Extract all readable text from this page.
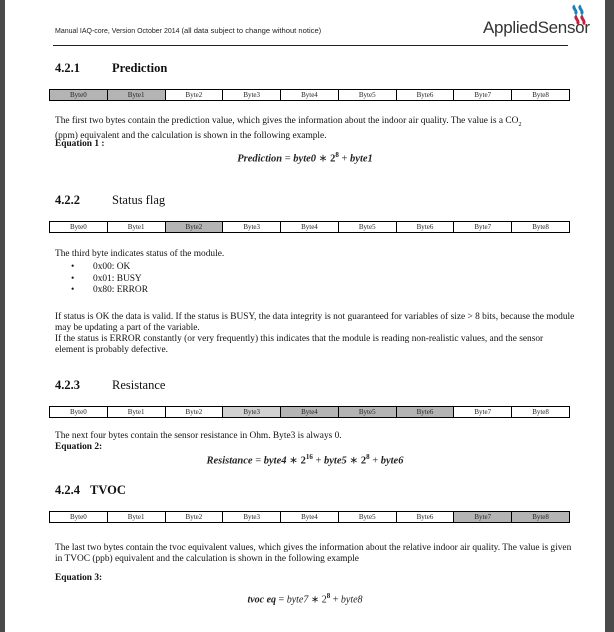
Manual IAQ-core, Version October 2014 (all data subject to change without notice)	AppliedSensor
4.2.1	Prediction
Byte0	Byte1	Byte2	Byte3	Byte4	Byte5	Byte6	Byte7	Byte8
The first two bytes contain the prediction value, which gives the information about the indoor air quality. The value is a $CO_2$
(ppm) equivalent and the calculation is shown in the following example.
Equation 1 :
Prediction = byte0 ∗ $2^8$ + byte1
4.2.2	Status flag
Byte0	Byte1	Byte2	Byte3	Byte4	Byte5	Byte6	Byte7	Byte8
The third byte indicates status of the module.
• 0x00: OK
• 0x01: BUSY
• 0x80: ERROR
If status is OK the data is valid. If the status is BUSY, the data integrity is not guaranteed for variables of size > 8 bits, because the module may be updating a part of the variable.
If the status is ERROR constantly (or very frequently) this indicates that the module is reading non-realistic values, and the sensor element is probably defective.
4.2.3	Resistance
Byte0	Byte1	Byte2	Byte3	Byte4	Byte5	Byte6	Byte7	Byte8
The next four bytes contain the sensor resistance in Ohm. Byte3 is always 0.
Equation 2:
Resistance = byte4 ∗ $2^{16}$ + byte5 ∗ $2^8$ + byte6
4.2.4 TVOC
Byte0	Byte1	Byte2	Byte3	Byte4	Byte5	Byte6	Byte7	Byte8
The last two bytes contain the tvoc equivalent values, which gives the information about the relative indoor air quality. The value is given in TVOC (ppb) equivalent and the calculation is shown in the following example
Equation 3:
tvoc eq = byte7 ∗ $2^8$ + byte8
